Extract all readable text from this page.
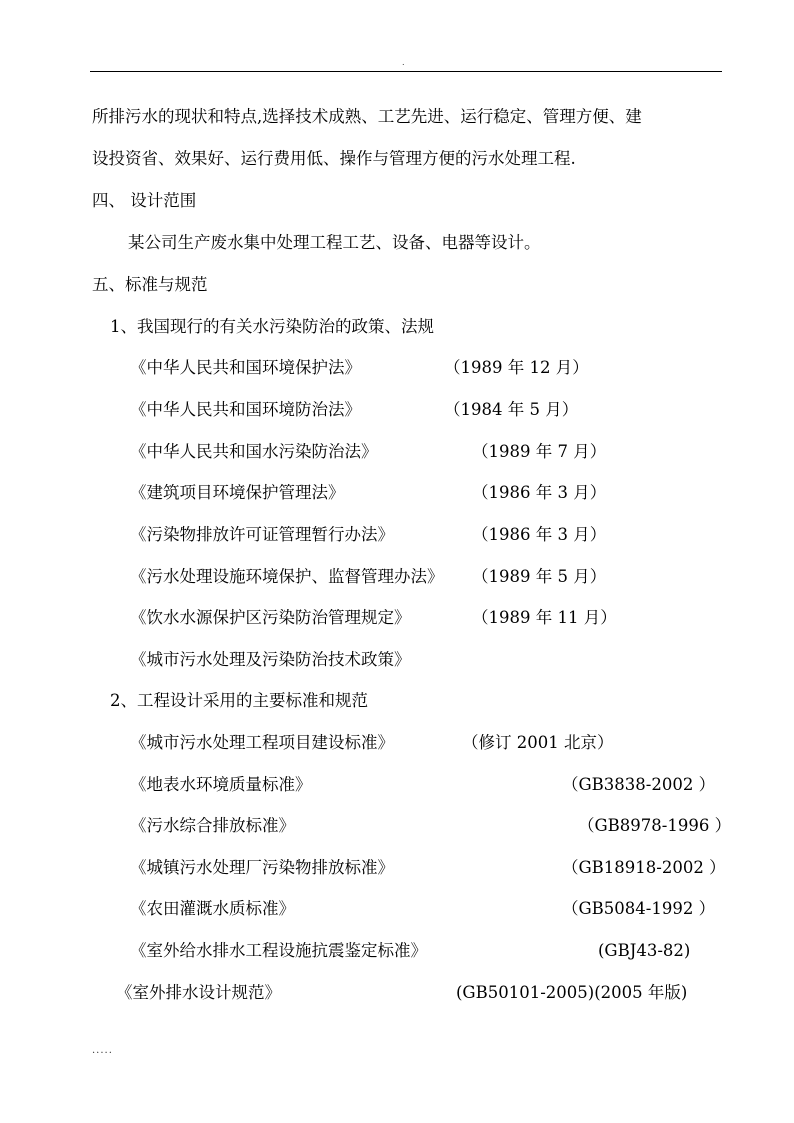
.
所排污水的现状和特点,选择技术成熟、工艺先进、运行稳定、管理方便、建
设投资省、效果好、运行费用低、操作与管理方便的污水处理工程.
四、 设计范围
某公司生产废水集中处理工程工艺、设备、电器等设计。
五、标准与规范
1、我国现行的有关水污染防治的政策、法规
《中华人民共和国环境保护法》	（1989 年 12 月）
《中华人民共和国环境防治法》	（1984 年 5 月）
《中华人民共和国水污染防治法》	（1989 年 7 月）
《建筑项目环境保护管理法》	（1986 年 3 月）
《污染物排放许可证管理暂行办法》	（1986 年 3 月）
《污水处理设施环境保护、监督管理办法》 （1989 年 5 月）
《饮水水源保护区污染防治管理规定》	（1989 年 11 月）
《城市污水处理及污染防治技术政策》
2、工程设计采用的主要标准和规范
《城市污水处理工程项目建设标准》	（修订 2001 北京）
《地表水环境质量标准》	（GB3838-2002 ）
《污水综合排放标准》	（GB8978-1996 ）
《城镇污水处理厂污染物排放标准》	（GB18918-2002 ）
《农田灌溉水质标准》	（GB5084-1992 ）
《室外给水排水工程设施抗震鉴定标准》	(GBJ43-82)
《室外排水设计规范》	(GB50101-2005)(2005 年版)
.....
